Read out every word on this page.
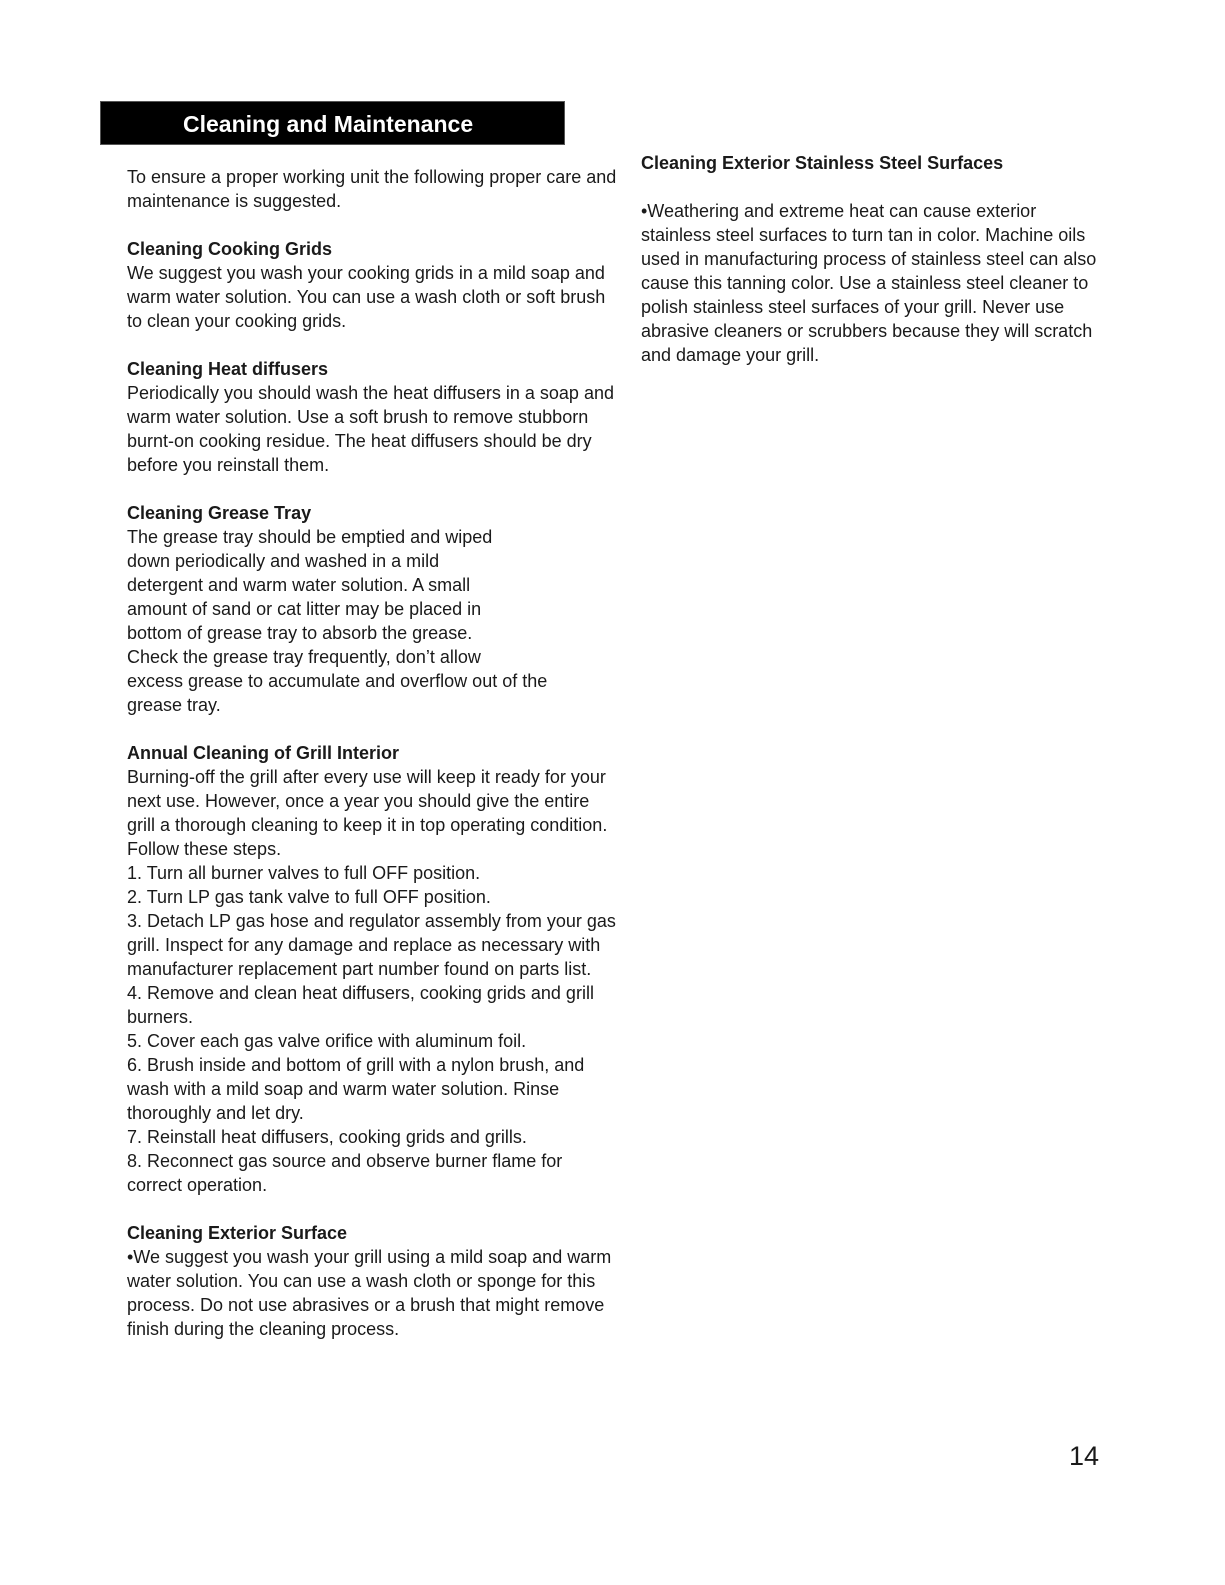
Cleaning and Maintenance

To ensure a proper working unit the following proper care and maintenance is suggested.

Cleaning Cooking Grids

We suggest you wash your cooking grids in a mild soap and warm water solution. You can use a wash cloth or soft brush to clean your cooking grids.

Cleaning Heat diffusers

Periodically you should wash the heat diffusers in a soap and warm water solution. Use a soft brush to remove stubborn burnt-on cooking residue. The heat diffusers should be dry before you reinstall them.

Cleaning Grease Tray

The grease tray should be emptied and wiped
down periodically and washed in a mild
detergent and warm water solution. A small
amount of sand or cat litter may be placed in
bottom of grease tray to absorb the grease.
Check the grease tray frequently, don’t allow
excess grease to accumulate and overflow out of the
grease tray.

Annual Cleaning of Grill Interior

Burning-off the grill after every use will keep it ready for your next use. However, once a year you should give the entire grill a thorough cleaning to keep it in top operating condition. Follow these steps.

1. Turn all burner valves to full OFF position.

2. Turn LP gas tank valve to full OFF position.

3. Detach LP gas hose and regulator assembly from your gas grill. Inspect for any damage and replace as necessary with manufacturer replacement part number found on parts list.

4. Remove and clean heat diffusers, cooking grids and grill burners.

5. Cover each gas valve orifice with aluminum foil.

6. Brush inside and bottom of grill with a nylon brush, and wash with a mild soap and warm water solution. Rinse thoroughly and let dry.

7. Reinstall heat diffusers, cooking grids and grills.

8. Reconnect gas source and observe burner flame for correct operation.

Cleaning Exterior Surface

•We suggest you wash your grill using a mild soap and warm water solution. You can use a wash cloth or sponge for this process. Do not use abrasives or a brush that might remove finish during the cleaning process.

Cleaning Exterior Stainless Steel Surfaces

•Weathering and extreme heat can cause exterior stainless steel surfaces to turn tan in color. Machine oils used in manufacturing process of stainless steel can also cause this tanning color. Use a stainless steel cleaner to polish stainless steel surfaces of your grill. Never use abrasive cleaners or scrubbers because they will scratch and damage your grill.

14
